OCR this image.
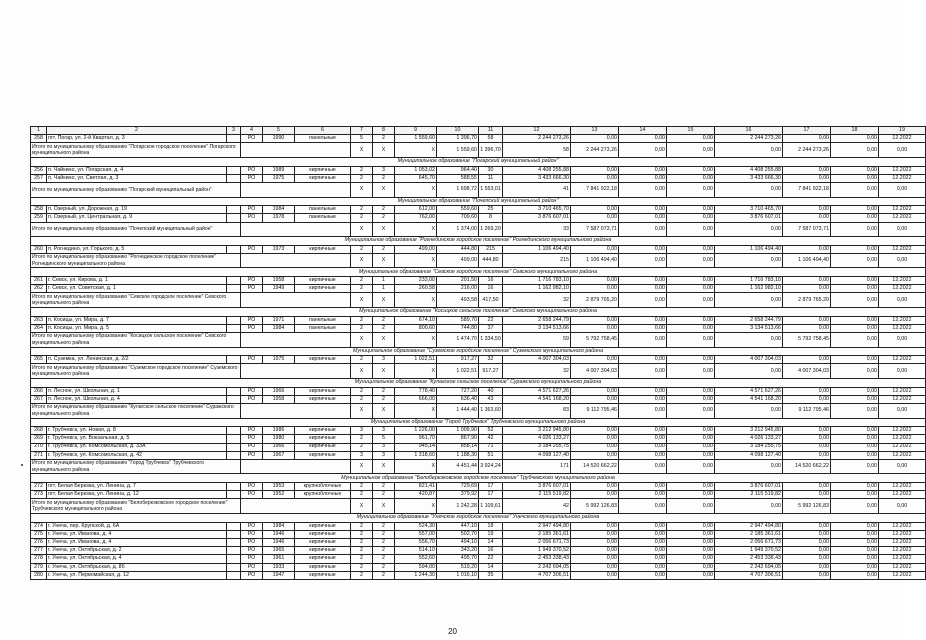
1	2	3	4	5	6	7	8	9	10	11	12	13	14	15	16	17	18	19
258	пгт. Погар, ул. 2-й Квартал, д. 3		РО	1990	панельные	5	2	1 559,60	1 396,70	58	2 244 273,26	0,00	0,00	0,00	2 244 273,26	0,00	0,00	12.2022
Итого по муниципальному образованию "Погарское городское поселение" Погарского муниципального района						X	X	X	1 559,60	1 396,70	58	2 244 273,26	0,00	0,00	0,00	2 244 273,26	0,00	0,00
Муниципальное образование "Погарский муниципальный район"																		
256	п. Чайкино, ул. Погарская, д. 4		РО	1989	кирпичные	2	3	1 053,02	964,40	30	4 408 255,88	0,00	0,00	0,00	4 408 255,88	0,00	0,00	12.2022
257	п. Чайкино, ул. Светлая, д. 3		РО	1975	кирпичные	2	2	645,70	588,55	11	3 433 666,30	0,00	0,00	0,00	3 433 666,30	0,00	0,00	12.2022
Итого по муниципальному образованию "Погарский муниципальный район"						X	X	X	1 698,72	1 553,01	41	7 841 922,18	0,00	0,00	0,00	7 841 922,18	0,00	0,00
Муниципальное образование "Почепский муниципальный район"																		
258	п. Озерный, ул. Дорожная, д. 19		РО	1984	панельные	2	2	612,00	559,60	25	3 710 465,70	0,00	0,00	0,00	3 710 465,70	0,00	0,00	12.2022
259	п. Озерный, ул. Центральная, д. 9		РО	1978	панельные	2	2	762,00	709,60	8	3 876 607,01	0,00	0,00	0,00	3 876 607,01	0,00	0,00	12.2022
Итого по муниципальному образованию "Почепский муниципальный район"						X	X	X	1 374,00	1 269,20	33	7 587 073,71	0,00	0,00	0,00	7 587 073,71	0,00	0,00
Муниципальное образование "Рогнединское городское поселение" Рогнединского муниципального района																		
260	п. Рогнедино, ул. Горького, д. 5		РО	1973	кирпичные	2	2	499,00	444,80	215	1 106 494,40	0,00	0,00	0,00	1 106 494,40	0,00	0,00	12.2022
Итого по муниципальному образованию "Рогнединское городское поселение" Рогнединского муниципального района						X	X	X	499,00	444,80	215	1 106 494,40	0,00	0,00	0,00	1 106 494,40	0,00	0,00
Муниципальное образование "Севское городское поселение" Севского муниципального района																		
261	г. Севск, ул. Кирова, д. 1		РО	1958	кирпичные	2	1	233,00	201,50	16	1 716 783,10	0,00	0,00	0,00	1 716 783,10	0,00	0,00	12.2022
262	г. Севск, ул. Советская, д. 1		РО	1949	кирпичные	2	1	260,58	216,00	16	1 162 982,10	0,00	0,00	0,00	1 162 982,10	0,00	0,00	12.2022
Итого по муниципальному образованию "Севское городское поселение" Севского муниципального района						X	X	X	493,58	417,50	32	2 879 765,20	0,00	0,00	0,00	2 879 765,20	0,00	0,00
Муниципальное образование "Косицкое сельское поселение" Севского муниципального района																		
263	п. Косицы, ул. Мира, д. 7		РО	1971	панельные	2	2	674,10	589,70	22	2 658 244,79	0,00	0,00	0,00	2 658 244,79	0,00	0,00	12.2022
264	п. Косицы, ул. Мира, д. 5		РО	1984	панельные	2	2	800,60	744,80	37	3 134 513,66	0,00	0,00	0,00	3 134 513,66	0,00	0,00	12.2022
Итого по муниципальному образованию "Косицкое сельское поселение" Севского муниципального района						X	X	X	1 474,70	1 334,50	59	5 792 758,45	0,00	0,00	0,00	5 792 758,45	0,00	0,00
Муниципальное образование "Суземское городское поселение" Суземского муниципального района																		
265	п. Суземка, ул. Ленинская, д. 2/2		РО	1975	кирпичные	2	3	1 022,51	917,27	32	4 007 304,03	0,00	0,00	0,00	4 007 304,03	0,00	0,00	12.2022
Итого по муниципальному образованию "Суземское городское поселение" Суземского муниципального района						X	X	X	1 022,51	917,27	32	4 007 304,03	0,00	0,00	0,00	4 007 304,03	0,00	0,00
Муниципальное образование "Кулагское сельское поселение" Суражского муниципального района																		
266	п. Лесное, ул. Школьная, д. 1		РО	1966	кирпичные	2	2	778,40	727,20	40	4 571 627,26	0,00	0,00	0,00	4 571 627,26	0,00	0,00	12.2022
267	п. Лесное, ул. Школьная, д. 4		РО	1958	кирпичные	2	2	666,00	636,40	43	4 541 168,20	0,00	0,00	0,00	4 541 168,20	0,00	0,00	12.2022
Итого по муниципальному образованию "Кулагское сельское поселение" Суражского муниципального района						X	X	X	1 444,40	1 363,60	83	9 112 795,46	0,00	0,00	0,00	9 112 795,46	0,00	0,00
Муниципальное образование "Город Трубчевск" Трубчевского муниципального района																		
268	г. Трубчевск, ул. Новая, д. 8		РО	1986	кирпичные	3	3	1 226,00	1 009,90	52	3 212 945,80	0,00	0,00	0,00	3 212 945,80	0,00	0,00	12.2022
269	г. Трубчевск, ул. Вокзальная, д. 5		РО	1980	кирпичные	2	5	961,70	867,90	42	4 026 133,27	0,00	0,00	0,00	4 026 133,27	0,00	0,00	12.2022
270	г. Трубчевск, ул. Комсомольская, д. 33А		РО	1966	кирпичные	2	3	945,14	858,14	71	3 184 255,75	0,00	0,00	0,00	3 184 255,75	0,00	0,00	12.2022
271	г. Трубчевск, ул. Комсомольская, д. 42		РО	1967	кирпичные	3	3	1 318,60	1 188,30	51	4 098 127,40	0,00	0,00	0,00	4 098 127,40	0,00	0,00	12.2022
Итого по муниципальному образованию "Город Трубчевск" Трубчевского муниципального района						X	X	X	4 451,44	3 924,24	171	14 520 662,22	0,00	0,00	0,00	14 520 662,22	0,00	0,00
Муниципальное образование "Белоберезковское городское поселение" Трубчевского муниципального района																		
272	пгт. Белая Березка, ул. Ленина, д. 7		РО	1953	крупноблочные	2	2	821,41	729,69	17	3 876 607,01	0,00	0,00	0,00	3 876 607,01	0,00	0,00	12.2022
273	пгт. Белая Березка, ул. Ленина, д. 12		РО	1952	крупноблочные	2	2	420,87	379,92	17	2 115 519,82	0,00	0,00	0,00	2 115 519,82	0,00	0,00	12.2022
Итого по муниципальному образованию "Белоберезковское городское поселение" Трубчевского муниципального района						X	X	X	1 242,28	1 109,61	42	5 992 126,83	0,00	0,00	0,00	5 992 126,83	0,00	0,00
Муниципальное образование "Унечское городское поселение" Унечского муниципального района																		
274	г. Унеча, пер. Крупской, д. 6А		РО	1984	кирпичные	2	2	524,30	447,10	18	2 947 494,80	0,00	0,00	0,00	2 947 494,80	0,00	0,00	12.2022
275	г. Унеча, ул. Иванова, д. 4		РО	1946	кирпичные	2	2	557,00	502,70	19	2 185 361,61	0,00	0,00	0,00	2 185 361,61	0,00	0,00	12.2022
276	г. Унеча, ул. Иванова, д. 4		РО	1946	кирпичные	2	2	556,70	494,10	14	2 056 671,73	0,00	0,00	0,00	2 056 671,73	0,00	0,00	12.2022
277	г. Унеча, ул. Октябрьская, д. 2		РО	1965	кирпичные	2	2	514,10	343,20	16	1 949 370,52	0,00	0,00	0,00	1 949 370,52	0,00	0,00	12.2022
278	г. Унеча, ул. Октябрьская, д. 4		РО	1961	кирпичные	2	2	552,60	495,70	22	2 453 338,43	0,00	0,00	0,00	2 453 338,43	0,00	0,00	12.2022
279	г. Унеча, ул. Октябрьская, д. 8б		РО	1933	кирпичные	2	2	594,00	519,20	14	2 242 694,05	0,00	0,00	0,00	2 242 694,05	0,00	0,00	12.2022
280	г. Унеча, ул. Первомайская, д. 12		РО	1947	кирпичные	2	2	1 244,30	1 016,10	35	4 707 306,51	0,00	0,00	0,00	4 707 306,51	0,00	0,00	12.2022
20
